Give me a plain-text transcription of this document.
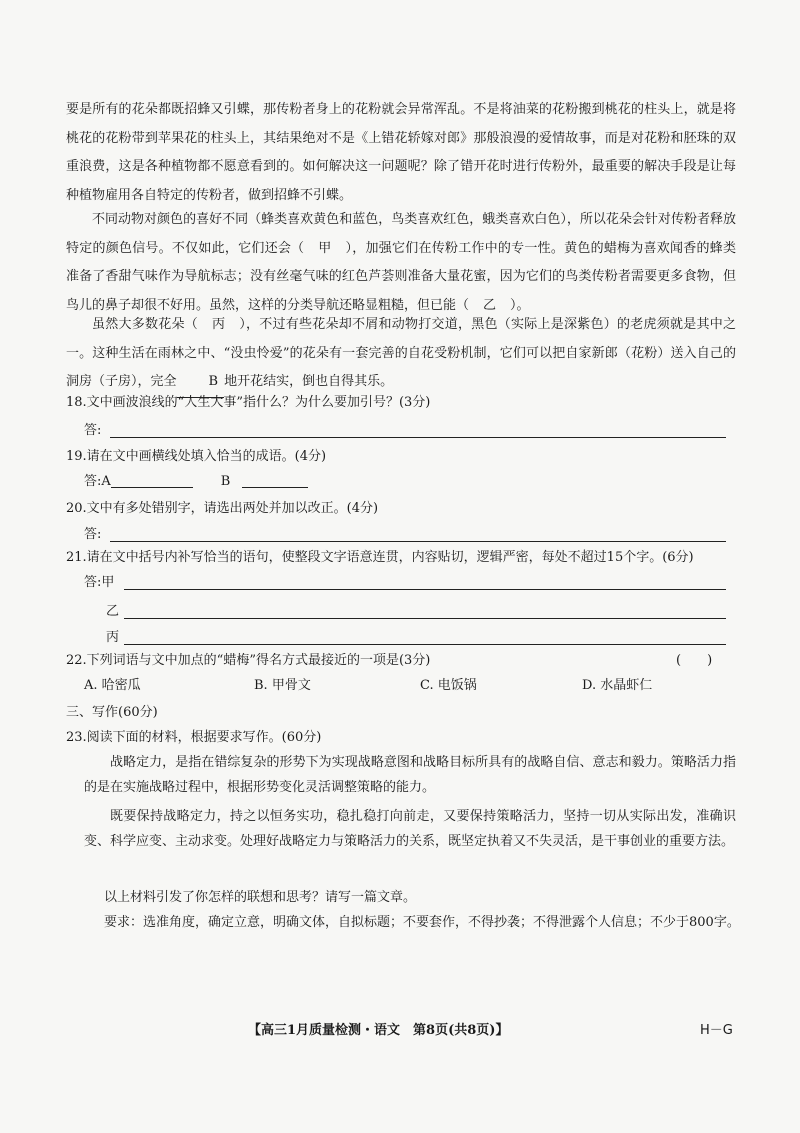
要是所有的花朵都既招蜂又引蝶，那传粉者身上的花粉就会异常浑乱。不是将油菜的花粉搬到桃花的柱头上，就是将桃花的花粉带到苹果花的柱头上，其结果绝对不是《上错花轿嫁对郎》那般浪漫的爱情故事，而是对花粉和胚珠的双重浪费，这是各种植物都不愿意看到的。如何解决这一问题呢？除了错开花时进行传粉外，最重要的解决手段是让每种植物雇用各自特定的传粉者，做到招蜂不引蝶。

不同动物对颜色的喜好不同（蜂类喜欢黄色和蓝色，鸟类喜欢红色，蛾类喜欢白色），所以花朵会针对传粉者释放特定的颜色信号。不仅如此，它们还会（ 甲 ），加强它们在传粉工作中的专一性。黄色的蜡梅为喜欢闻香的蜂类准备了香甜气味作为导航标志；没有丝毫气味的红色芦荟则准备大量花蜜，因为它们的鸟类传粉者需要更多食物，但鸟儿的鼻子却很不好用。虽然，这样的分类导航还略显粗糙，但已能（ 乙 ）。

虽然大多数花朵（ 丙 ），不过有些花朵却不屑和动物打交道，黑色（实际上是深紫色）的老虎须就是其中之一。这种生活在雨林之中、“没虫怜爱”的花朵有一套完善的自花受粉机制，它们可以把自家新郎（花粉）送入自己的洞房（子房），完全 B 地开花结实，倒也自得其乐。

18.文中画波浪线的“人生大事”指什么？为什么要加引号？(3分)
答:
19.请在文中画横线处填入恰当的成语。(4分)
答:A	B
20.文中有多处错别字，请选出两处并加以改正。(4分)
答:
21.请在文中括号内补写恰当的语句，使整段文字语意连贯，内容贴切，逻辑严密，每处不超过15个字。(6分)
答:甲
乙
丙
22.下列词语与文中加点的“蜡梅”得名方式最接近的一项是(3分)	(　　)
A. 哈密瓜	B. 甲骨文	C. 电饭锅	D. 水晶虾仁
三、写作(60分)
23.阅读下面的材料，根据要求写作。(60分)

战略定力，是指在错综复杂的形势下为实现战略意图和战略目标所具有的战略自信、意志和毅力。策略活力指的是在实施战略过程中，根据形势变化灵活调整策略的能力。

既要保持战略定力，持之以恒务实功，稳扎稳打向前走，又要保持策略活力，坚持一切从实际出发，准确识变、科学应变、主动求变。处理好战略定力与策略活力的关系，既坚定执着又不失灵活，是干事创业的重要方法。

以上材料引发了你怎样的联想和思考？请写一篇文章。
要求：选准角度，确定立意，明确文体，自拟标题；不要套作，不得抄袭；不得泄露个人信息；不少于800字。
【高三1月质量检测・语文　第8页(共8页)】	H－G
